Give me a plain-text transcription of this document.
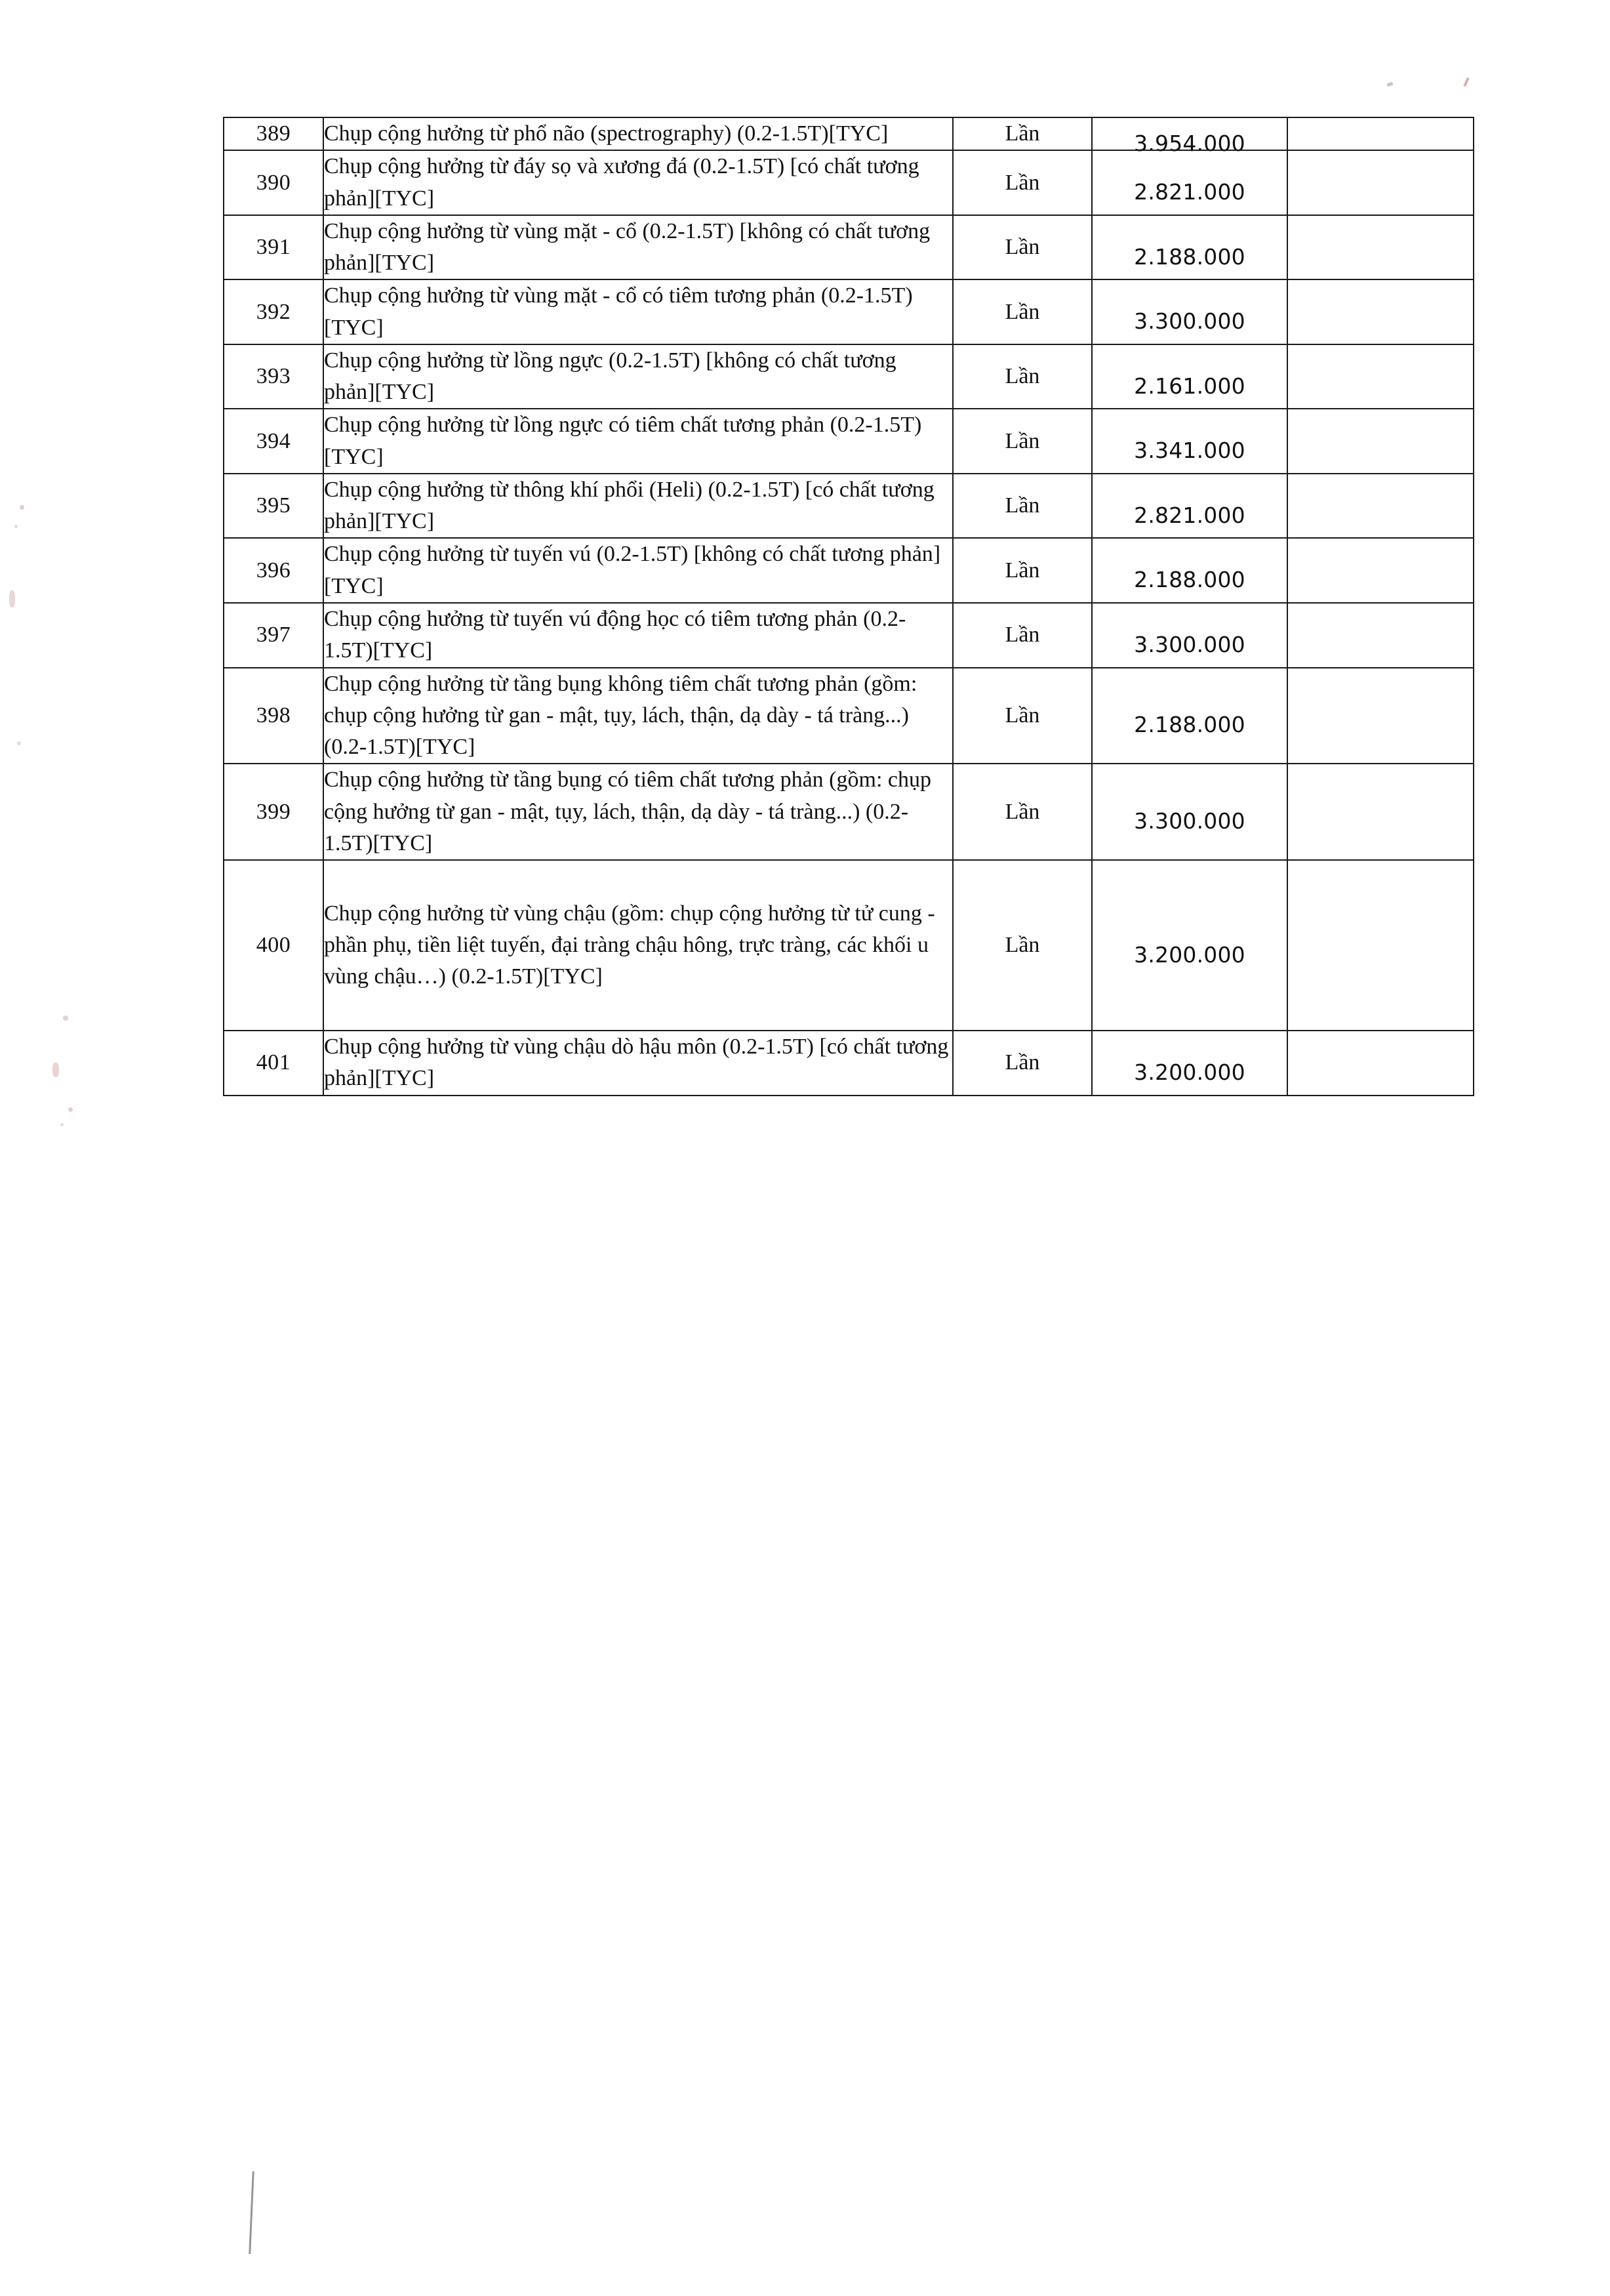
389	Chụp cộng hưởng từ phổ não (spectrography) (0.2-1.5T)[TYC]	Lần	3.954.000	

390	Chụp cộng hưởng từ đáy sọ và xương đá (0.2-1.5T) [có chất tương phản][TYC]	Lần	2.821.000	

391	Chụp cộng hưởng từ vùng mặt - cổ (0.2-1.5T) [không có chất tương phản][TYC]	Lần	2.188.000	

392	Chụp cộng hưởng từ vùng mặt - cổ có tiêm tương phản (0.2-1.5T)[TYC]	Lần	3.300.000	

393	Chụp cộng hưởng từ lồng ngực (0.2-1.5T) [không có chất tương phản][TYC]	Lần	2.161.000	

394	Chụp cộng hưởng từ lồng ngực có tiêm chất tương phản (0.2-1.5T)[TYC]	Lần	3.341.000	

395	Chụp cộng hưởng từ thông khí phổi (Heli) (0.2-1.5T) [có chất tương phản][TYC]	Lần	2.821.000	

396	Chụp cộng hưởng từ tuyến vú (0.2-1.5T) [không có chất tương phản][TYC]	Lần	2.188.000	

397	Chụp cộng hưởng từ tuyến vú động học có tiêm tương phản (0.2-1.5T)[TYC]	Lần	3.300.000	

398	Chụp cộng hưởng từ tầng bụng không tiêm chất tương phản (gồm: chụp cộng hưởng từ gan - mật, tụy, lách, thận, dạ dày - tá tràng...) (0.2-1.5T)[TYC]	Lần	2.188.000	

399	Chụp cộng hưởng từ tầng bụng có tiêm chất tương phản (gồm: chụp cộng hưởng từ gan - mật, tụy, lách, thận, dạ dày - tá tràng...) (0.2-1.5T)[TYC]	Lần	3.300.000	

400	Chụp cộng hưởng từ vùng chậu (gồm: chụp cộng hưởng từ tử cung - phần phụ, tiền liệt tuyến, đại tràng chậu hông, trực tràng, các khối u vùng chậu…) (0.2-1.5T)[TYC]	Lần	3.200.000	

401	Chụp cộng hưởng từ vùng chậu dò hậu môn (0.2-1.5T) [có chất tương phản][TYC]	Lần	3.200.000	
